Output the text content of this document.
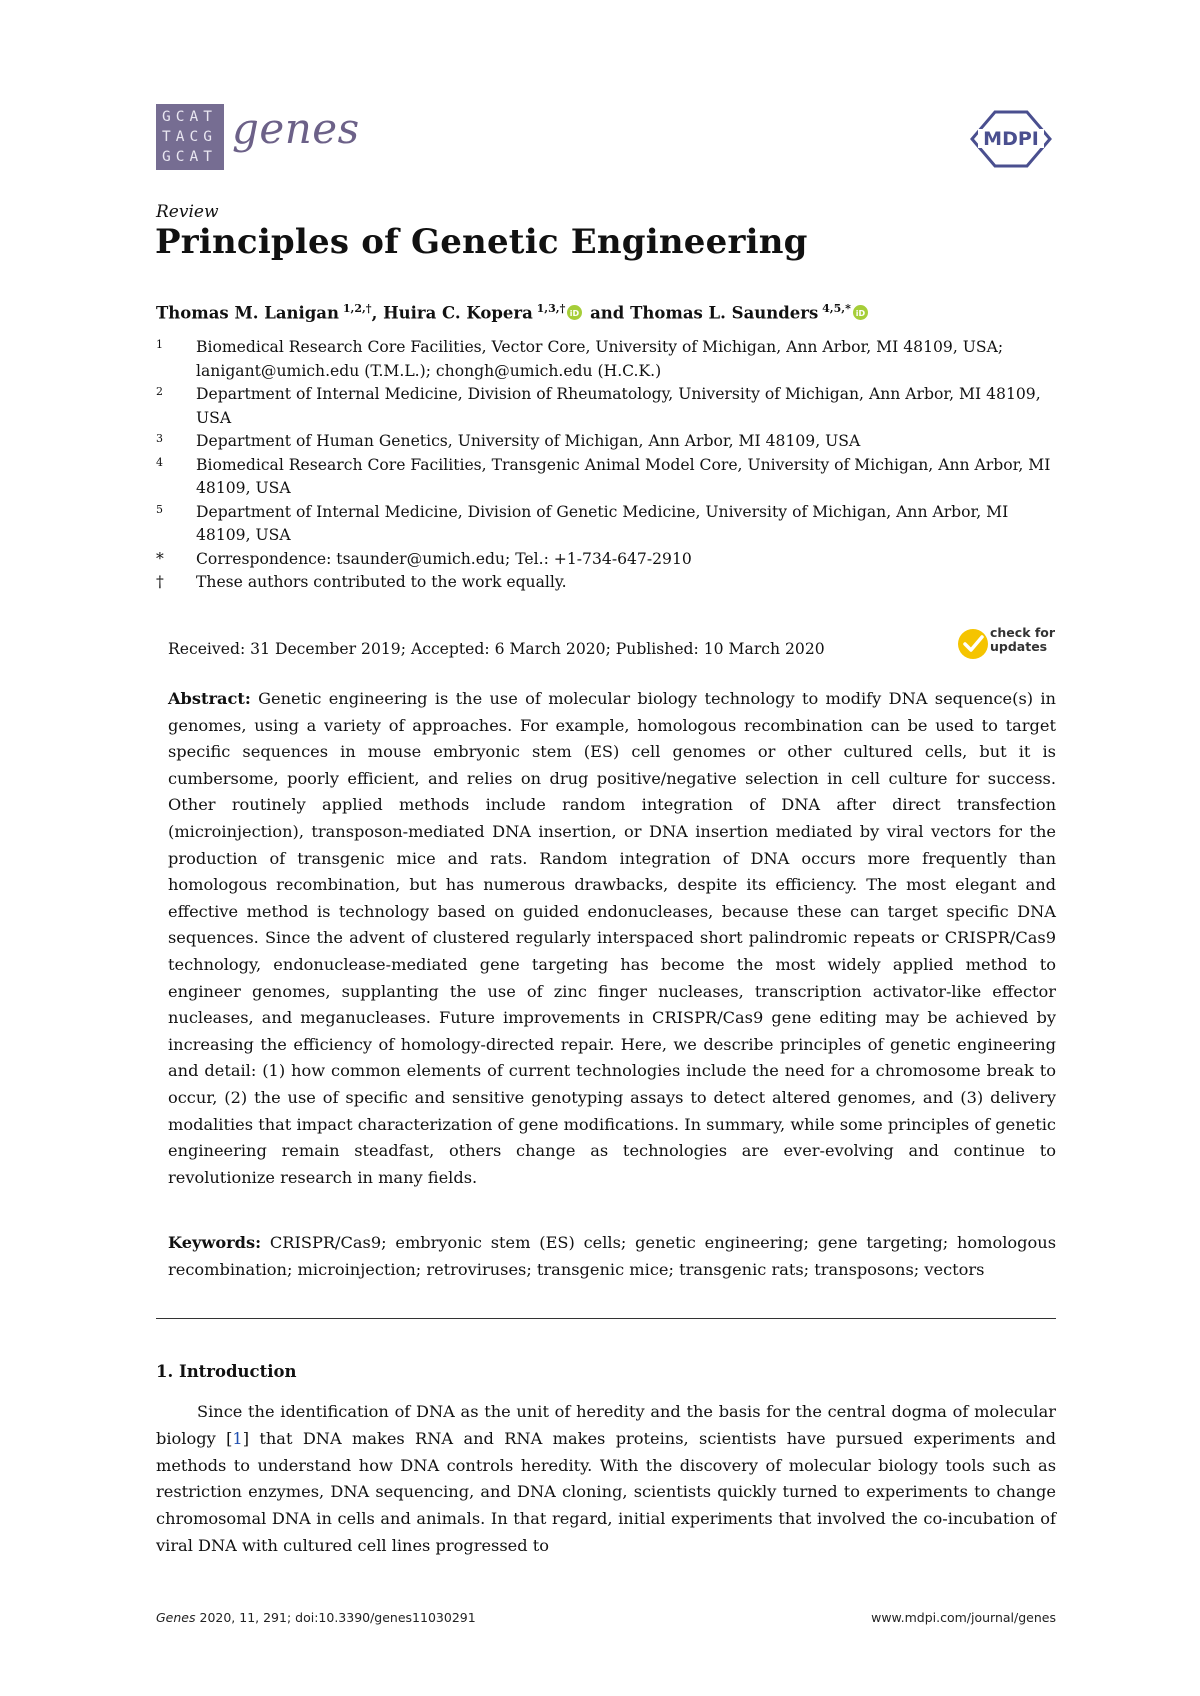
GCAT
TACG
GCAT
genes	MDPI
Review
Principles of Genetic Engineering
Thomas M. Lanigan $^{1,2,\dagger}$, Huira C. Kopera $^{1,3,\dagger}$ iD and Thomas L. Saunders $^{4,5,*}$ iD
1	Biomedical Research Core Facilities, Vector Core, University of Michigan, Ann Arbor, MI 48109, USA; lanigant@umich.edu (T.M.L.); chongh@umich.edu (H.C.K.)
2	Department of Internal Medicine, Division of Rheumatology, University of Michigan, Ann Arbor, MI 48109, USA
3	Department of Human Genetics, University of Michigan, Ann Arbor, MI 48109, USA
4	Biomedical Research Core Facilities, Transgenic Animal Model Core, University of Michigan, Ann Arbor, MI 48109, USA
5	Department of Internal Medicine, Division of Genetic Medicine, University of Michigan, Ann Arbor, MI 48109, USA
*	Correspondence: tsaunder@umich.edu; Tel.: +1-734-647-2910
†	These authors contributed to the work equally.
Received: 31 December 2019; Accepted: 6 March 2020; Published: 10 March 2020
check for
updates

Abstract: Genetic engineering is the use of molecular biology technology to modify DNA sequence(s) in genomes, using a variety of approaches. For example, homologous recombination can be used to target specific sequences in mouse embryonic stem (ES) cell genomes or other cultured cells, but it is cumbersome, poorly efficient, and relies on drug positive/negative selection in cell culture for success. Other routinely applied methods include random integration of DNA after direct transfection (microinjection), transposon-mediated DNA insertion, or DNA insertion mediated by viral vectors for the production of transgenic mice and rats. Random integration of DNA occurs more frequently than homologous recombination, but has numerous drawbacks, despite its efficiency. The most elegant and effective method is technology based on guided endonucleases, because these can target specific DNA sequences. Since the advent of clustered regularly interspaced short palindromic repeats or CRISPR/Cas9 technology, endonuclease-mediated gene targeting has become the most widely applied method to engineer genomes, supplanting the use of zinc finger nucleases, transcription activator-like effector nucleases, and meganucleases. Future improvements in CRISPR/Cas9 gene editing may be achieved by increasing the efficiency of homology-directed repair. Here, we describe principles of genetic engineering and detail: (1) how common elements of current technologies include the need for a chromosome break to occur, (2) the use of specific and sensitive genotyping assays to detect altered genomes, and (3) delivery modalities that impact characterization of gene modifications. In summary, while some principles of genetic engineering remain steadfast, others change as technologies are ever-evolving and continue to revolutionize research in many fields.

Keywords: CRISPR/Cas9; embryonic stem (ES) cells; genetic engineering; gene targeting; homologous recombination; microinjection; retroviruses; transgenic mice; transgenic rats; transposons; vectors

1. Introduction

Since the identification of DNA as the unit of heredity and the basis for the central dogma of molecular biology [1] that DNA makes RNA and RNA makes proteins, scientists have pursued experiments and methods to understand how DNA controls heredity. With the discovery of molecular biology tools such as restriction enzymes, DNA sequencing, and DNA cloning, scientists quickly turned to experiments to change chromosomal DNA in cells and animals. In that regard, initial experiments that involved the co-incubation of viral DNA with cultured cell lines progressed to

Genes 2020, 11, 291; doi:10.3390/genes11030291	www.mdpi.com/journal/genes
